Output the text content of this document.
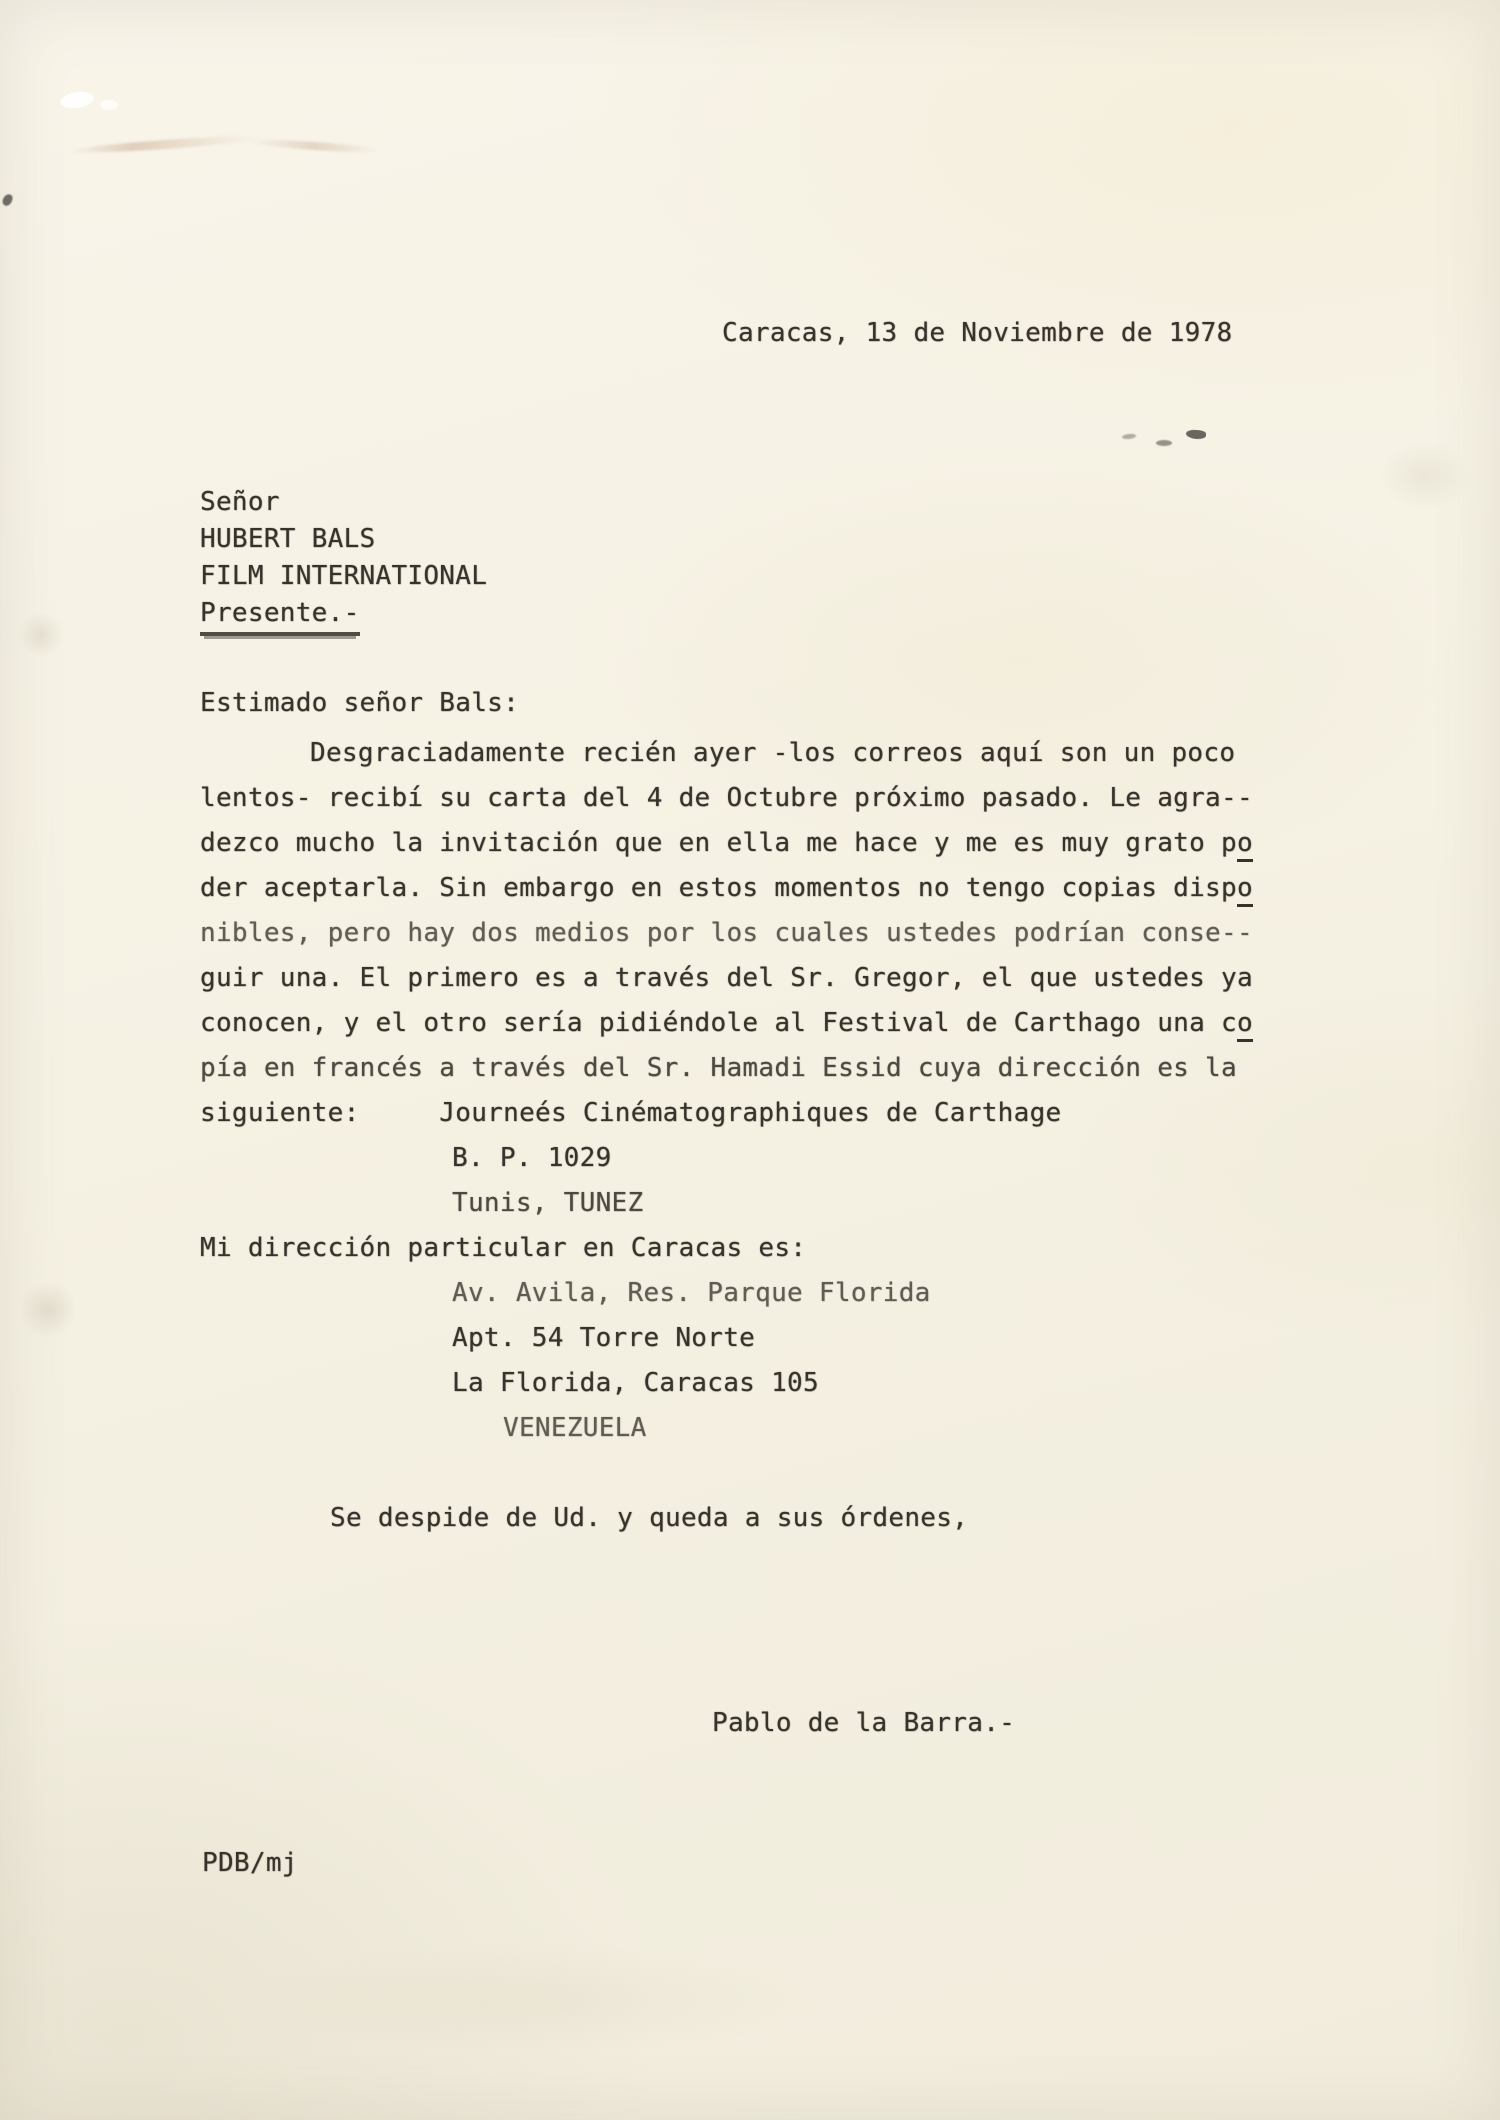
Caracas, 13 de Noviembre de 1978
Señor
HUBERT BALS
FILM INTERNATIONAL
Presente.-
Estimado señor Bals:
Desgraciadamente recién ayer -los correos aquí son un poco
lentos- recibí su carta del 4 de Octubre próximo pasado. Le agra--
dezco mucho la invitación que en ella me hace y me es muy grato po
der aceptarla. Sin embargo en estos momentos no tengo copias dispo
nibles, pero hay dos medios por los cuales ustedes podrían conse--
guir una. El primero es a través del Sr. Gregor, el que ustedes ya
conocen, y el otro sería pidiéndole al Festival de Carthago una co
pía en francés a través del Sr. Hamadi Essid cuya dirección es la
siguiente:     Journeés Cinématographiques de Carthage
B. P. 1029
Tunis, TUNEZ
Mi dirección particular en Caracas es:
Av. Avila, Res. Parque Florida
Apt. 54 Torre Norte
La Florida, Caracas 105
VENEZUELA
Se despide de Ud. y queda a sus órdenes,
Pablo de la Barra.-
PDB/mj
